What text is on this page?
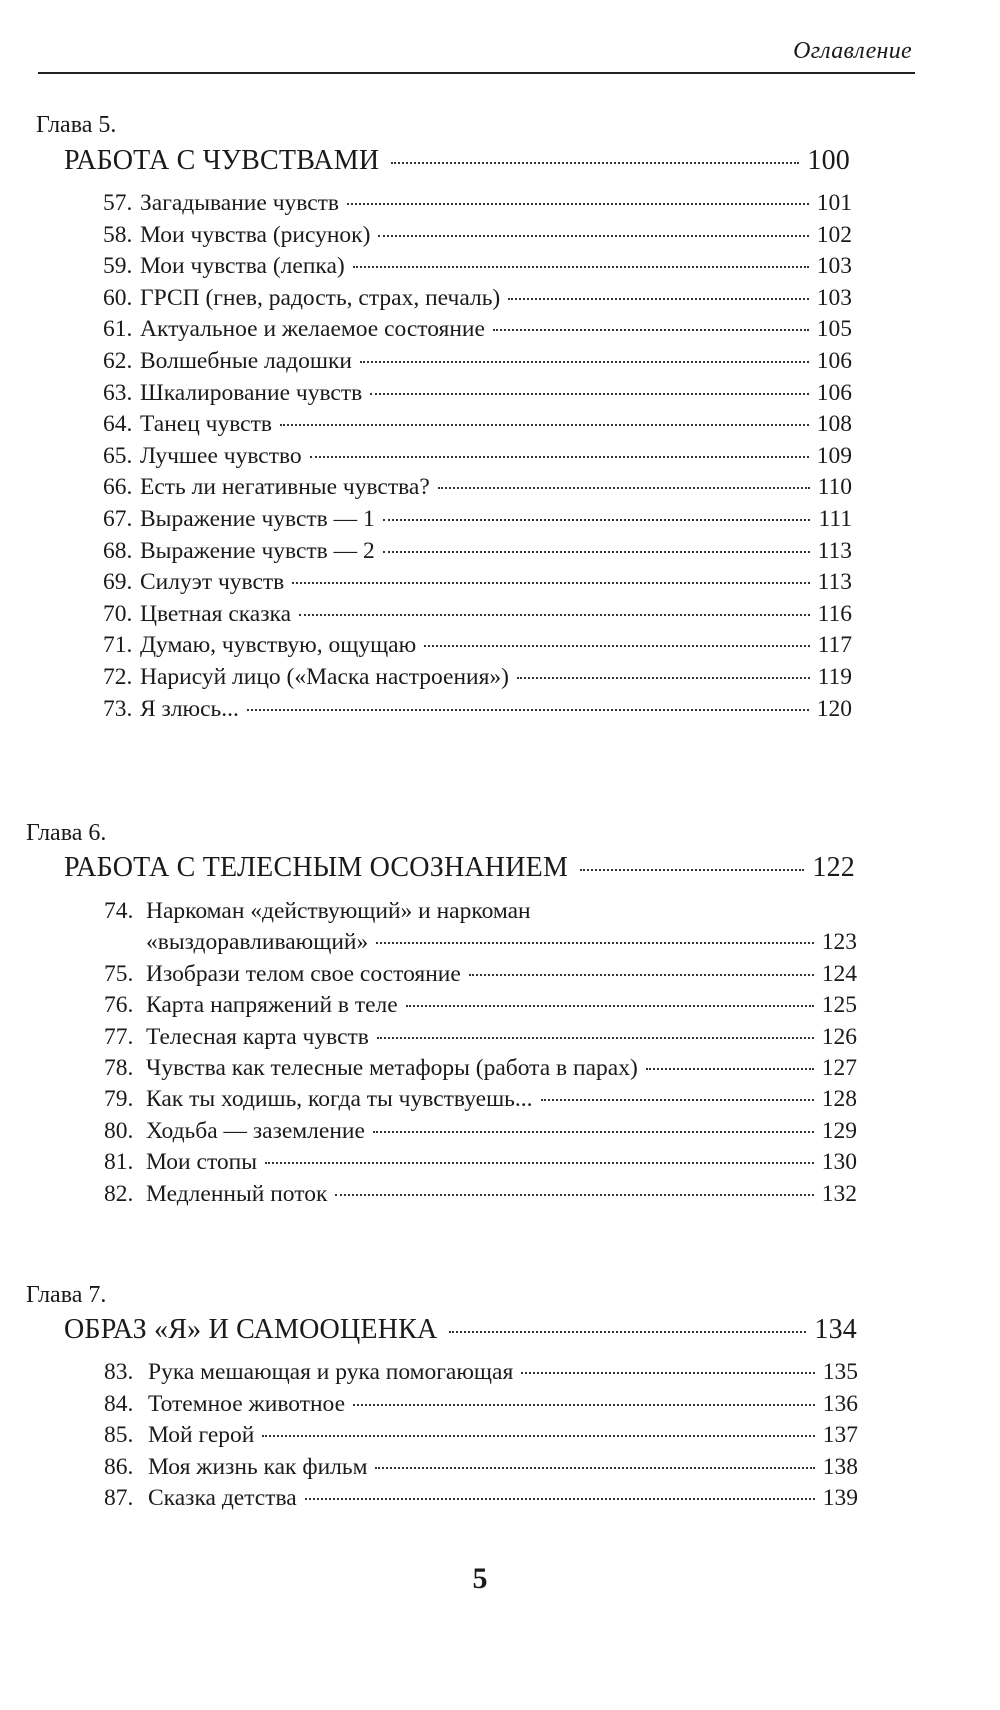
Оглавление
Глава 5.
РАБОТА С ЧУВСТВАМИ	100
57. Загадывание чувств	101
58. Мои чувства (рисунок)	102
59. Мои чувства (лепка)	103
60. ГРСП (гнев, радость, страх, печаль)	103
61. Актуальное и желаемое состояние	105
62. Волшебные ладошки	106
63. Шкалирование чувств	106
64. Танец чувств	108
65. Лучшее чувство	109
66. Есть ли негативные чувства?	110
67. Выражение чувств — 1	111
68. Выражение чувств — 2	113
69. Силуэт чувств	113
70. Цветная сказка	116
71. Думаю, чувствую, ощущаю	117
72. Нарисуй лицо («Маска настроения»)	119
73. Я злюсь...	120
Глава 6.
РАБОТА С ТЕЛЕСНЫМ ОСОЗНАНИЕМ	122
74. Наркоман «действующий» и наркоман
«выздоравливающий»	123
75. Изобрази телом свое состояние	124
76. Карта напряжений в теле	125
77. Телесная карта чувств	126
78. Чувства как телесные метафоры (работа в парах)	127
79. Как ты ходишь, когда ты чувствуешь...	128
80. Ходьба — заземление	129
81. Мои стопы	130
82. Медленный поток	132
Глава 7.
ОБРАЗ «Я» И САМООЦЕНКА	134
83. Рука мешающая и рука помогающая	135
84. Тотемное животное	136
85. Мой герой	137
86. Моя жизнь как фильм	138
87. Сказка детства	139
5
